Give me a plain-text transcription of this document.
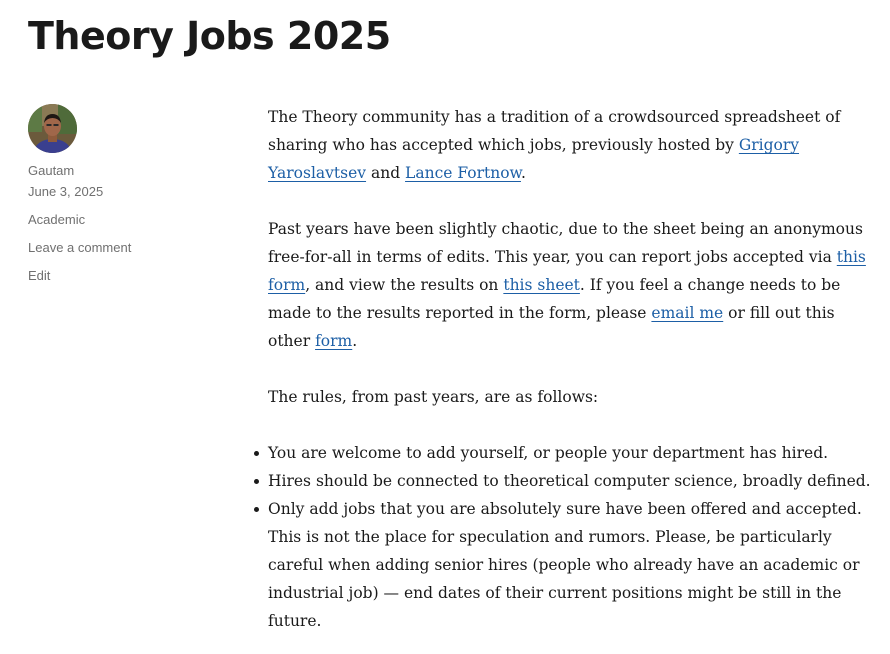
Theory Jobs 2025
Gautam
June 3, 2025
Academic
Leave a comment
Edit

The Theory community has a tradition of a crowdsourced spreadsheet of sharing who has accepted which jobs, previously hosted by Grigory Yaroslavtsev and Lance Fortnow.

Past years have been slightly chaotic, due to the sheet being an anonymous free-for-all in terms of edits. This year, you can report jobs accepted via this form, and view the results on this sheet. If you feel a change needs to be made to the results reported in the form, please email me or fill out this other form.

The rules, from past years, are as follows:

You are welcome to add yourself, or people your department has hired.
Hires should be connected to theoretical computer science, broadly defined.
Only add jobs that you are absolutely sure have been offered and accepted. This is not the place for speculation and rumors. Please, be particularly careful when adding senior hires (people who already have an academic or industrial job) — end dates of their current positions might be still in the future.
